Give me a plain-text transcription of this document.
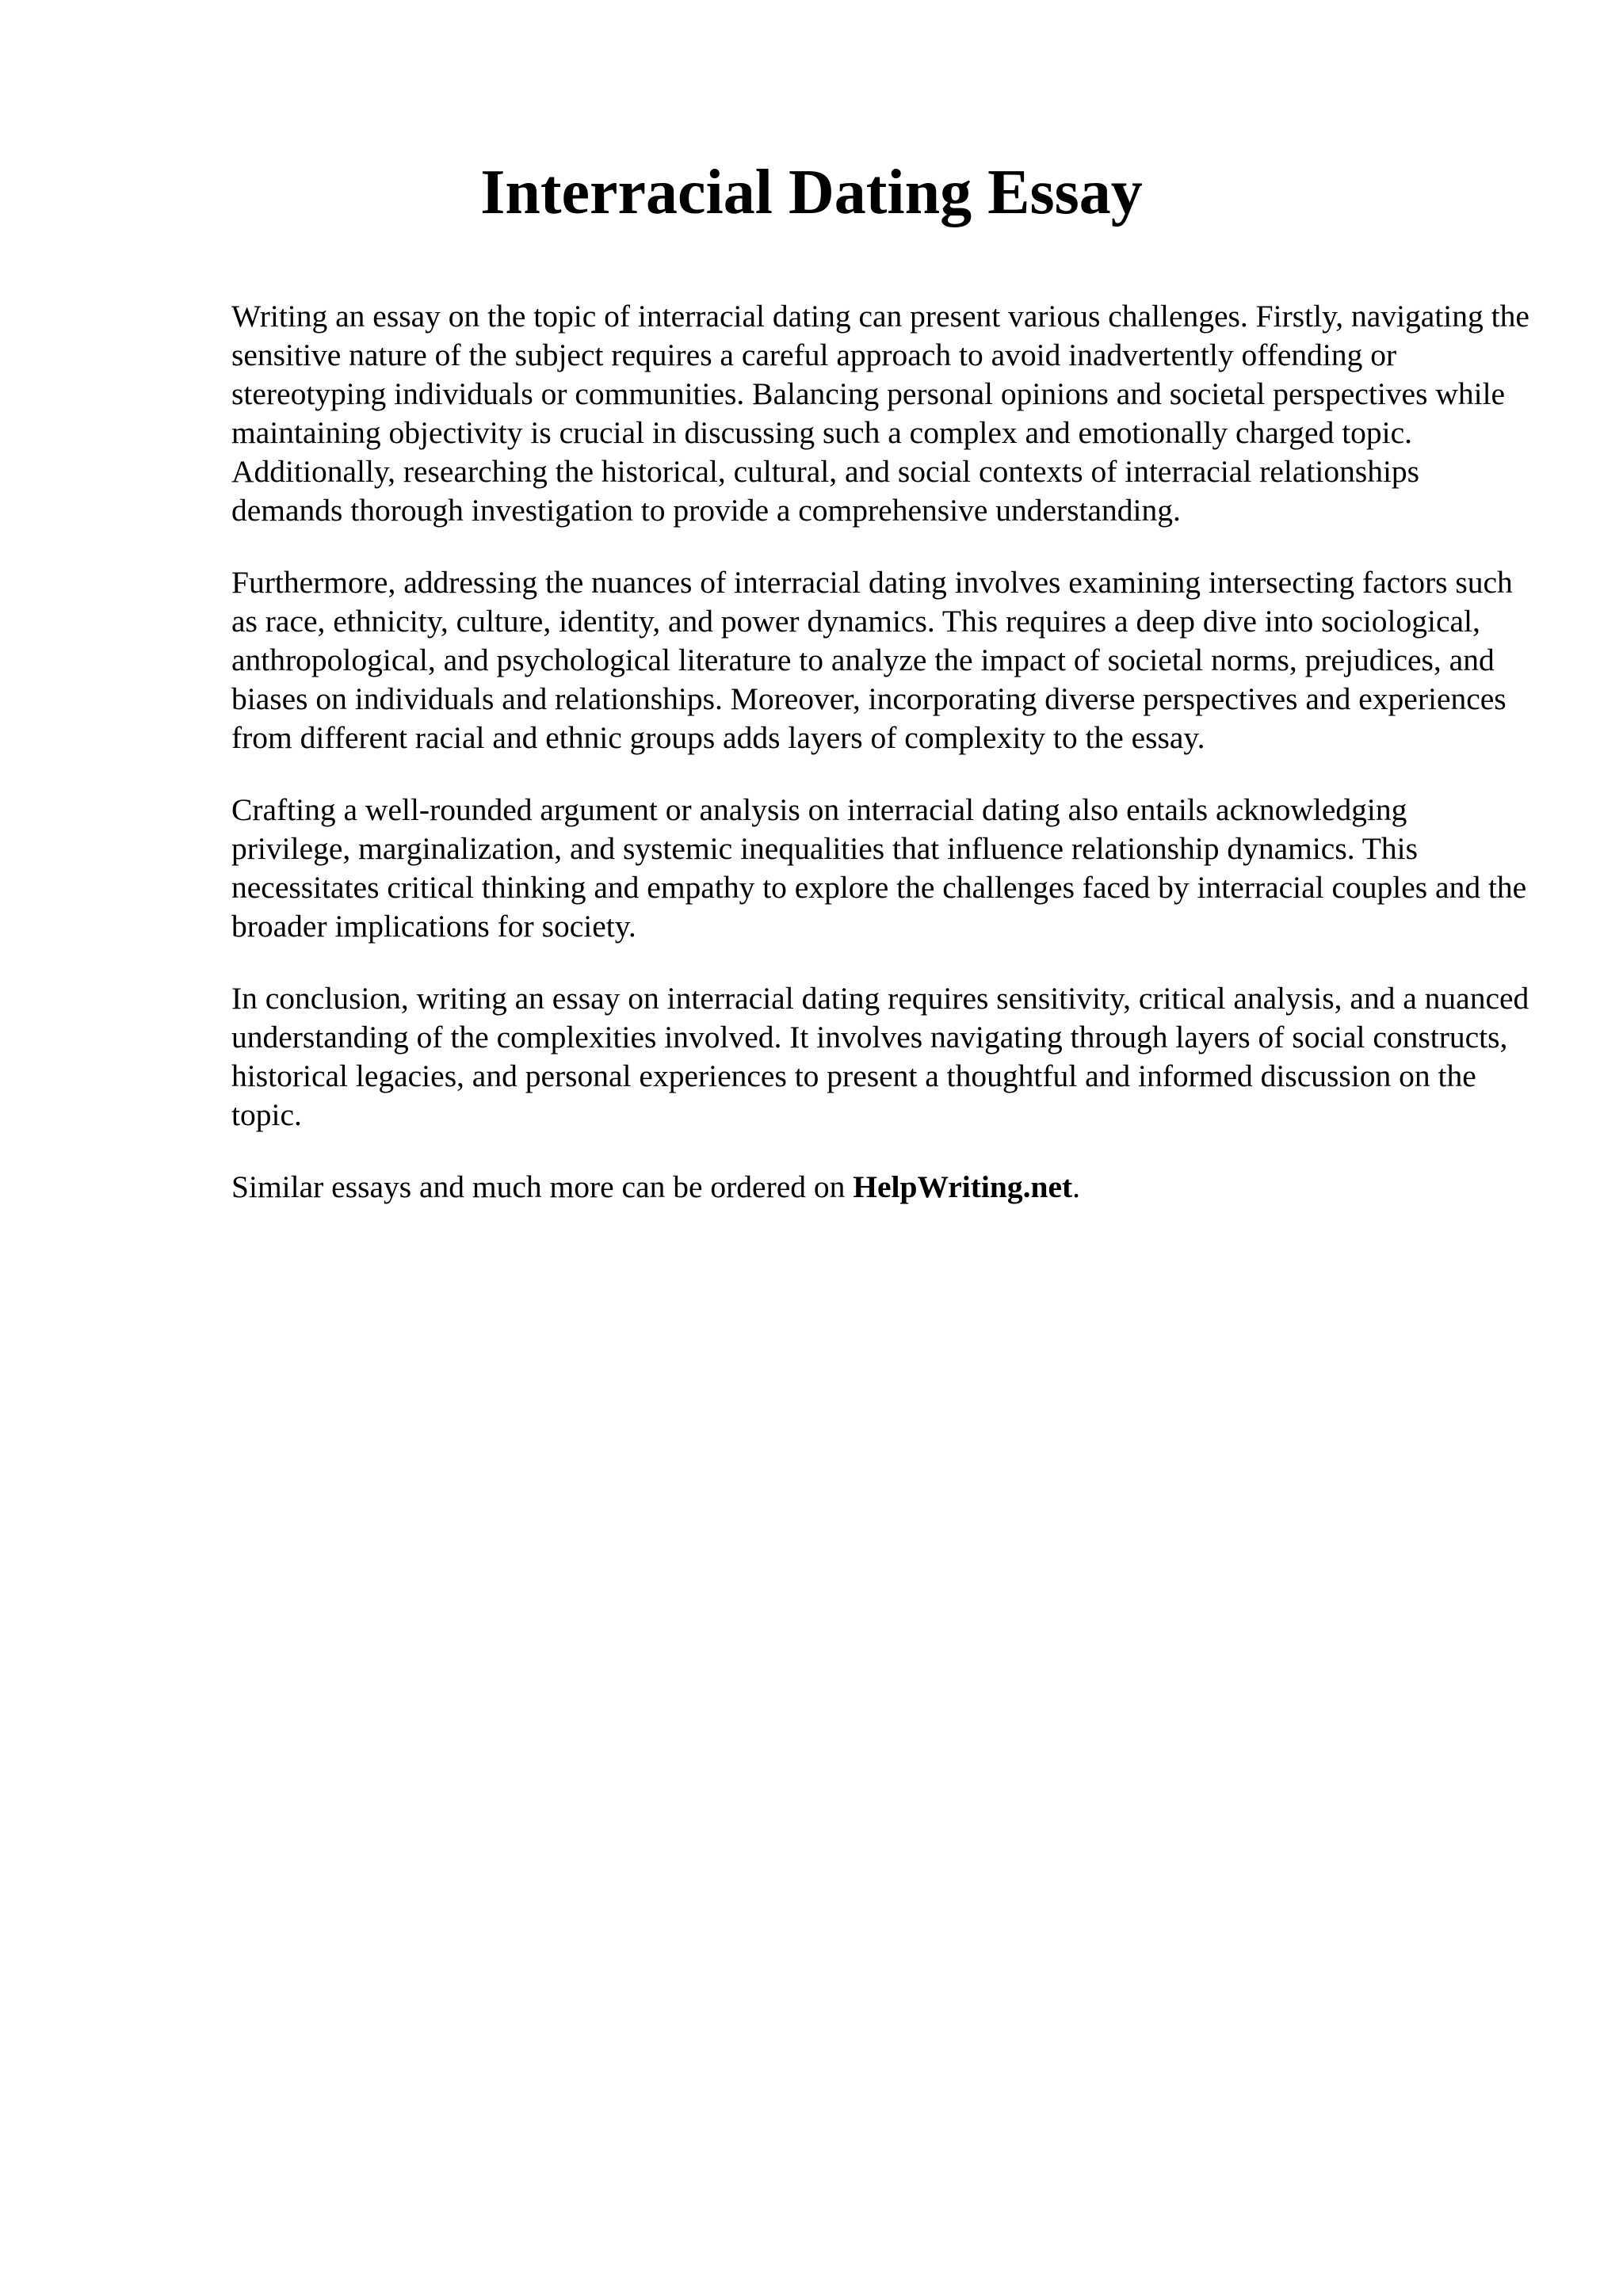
Interracial Dating Essay

Writing an essay on the topic of interracial dating can present various challenges. Firstly, navigating the sensitive nature of the subject requires a careful approach to avoid inadvertently offending or stereotyping individuals or communities. Balancing personal opinions and societal perspectives while maintaining objectivity is crucial in discussing such a complex and emotionally charged topic. Additionally, researching the historical, cultural, and social contexts of interracial relationships demands thorough investigation to provide a comprehensive understanding.

Furthermore, addressing the nuances of interracial dating involves examining intersecting factors such as race, ethnicity, culture, identity, and power dynamics. This requires a deep dive into sociological, anthropological, and psychological literature to analyze the impact of societal norms, prejudices, and biases on individuals and relationships. Moreover, incorporating diverse perspectives and experiences from different racial and ethnic groups adds layers of complexity to the essay.

Crafting a well-rounded argument or analysis on interracial dating also entails acknowledging privilege, marginalization, and systemic inequalities that influence relationship dynamics. This necessitates critical thinking and empathy to explore the challenges faced by interracial couples and the broader implications for society.

In conclusion, writing an essay on interracial dating requires sensitivity, critical analysis, and a nuanced understanding of the complexities involved. It involves navigating through layers of social constructs, historical legacies, and personal experiences to present a thoughtful and informed discussion on the topic.

Similar essays and much more can be ordered on HelpWriting.net.
